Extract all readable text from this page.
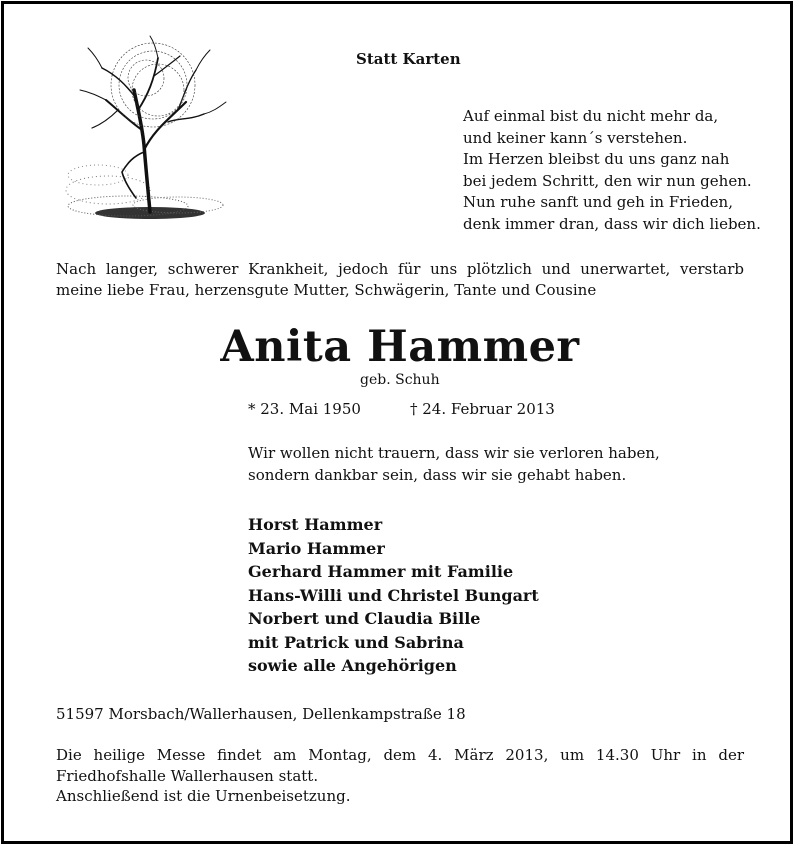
Statt Karten
Auf einmal bist du nicht mehr da,
und keiner kann´s verstehen.
Im Herzen bleibst du uns ganz nah
bei jedem Schritt, den wir nun gehen.
Nun ruhe sanft und geh in Frieden,
denk immer dran, dass wir dich lieben.
Nach langer, schwerer Krankheit, jedoch für uns plötzlich und unerwartet, verstarb meine liebe Frau, herzensgute Mutter, Schwägerin, Tante und Cousine
Anita Hammer
geb. Schuh
* 23. Mai 1950	† 24. Februar 2013
Wir wollen nicht trauern, dass wir sie verloren haben,
sondern dankbar sein, dass wir sie gehabt haben.
Horst Hammer
Mario Hammer
Gerhard Hammer mit Familie
Hans-Willi und Christel Bungart
Norbert und Claudia Bille
mit Patrick und Sabrina
sowie alle Angehörigen
51597 Morsbach/Wallerhausen, Dellenkampstraße 18

Die heilige Messe findet am Montag, dem 4. März 2013, um 14.30 Uhr in der Friedhofshalle Wallerhausen statt.

Anschließend ist die Urnenbeisetzung.
